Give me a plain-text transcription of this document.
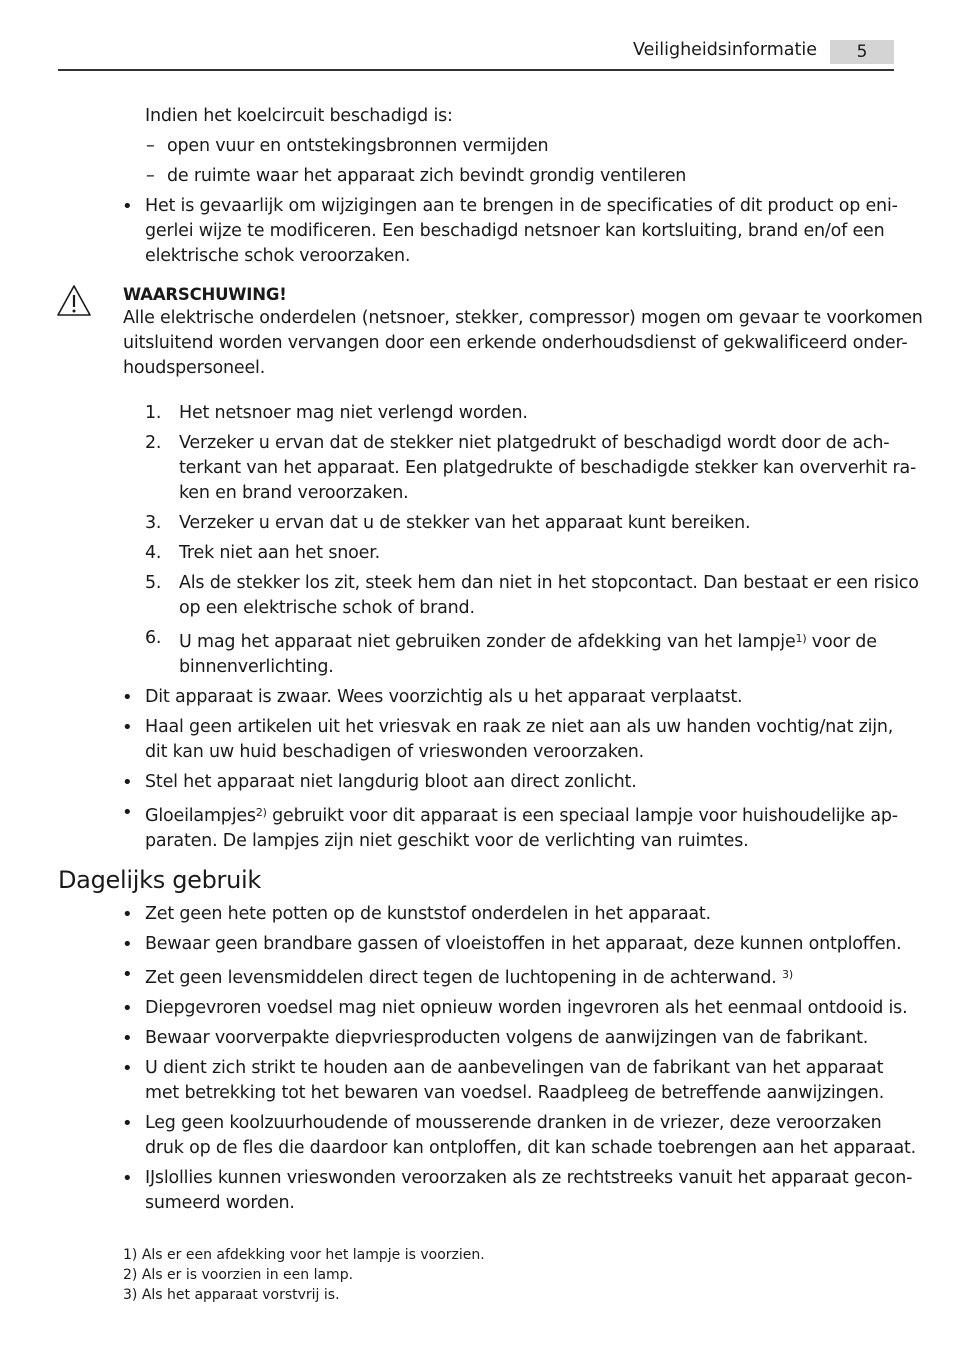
Veiligheidsinformatie	5
Indien het koelcircuit beschadigd is:
– open vuur en ontstekingsbronnen vermijden
– de ruimte waar het apparaat zich bevindt grondig ventileren
• Het is gevaarlijk om wijzigingen aan te brengen in de specificaties of dit product op eni-
gerlei wijze te modificeren. Een beschadigd netsnoer kan kortsluiting, brand en/of een
elektrische schok veroorzaken.
WAARSCHUWING!
Alle elektrische onderdelen (netsnoer, stekker, compressor) mogen om gevaar te voorkomen
uitsluitend worden vervangen door een erkende onderhoudsdienst of gekwalificeerd onder-
houdspersoneel.
1. Het netsnoer mag niet verlengd worden.
2. Verzeker u ervan dat de stekker niet platgedrukt of beschadigd wordt door de ach-
terkant van het apparaat. Een platgedrukte of beschadigde stekker kan oververhit ra-
ken en brand veroorzaken.
3. Verzeker u ervan dat u de stekker van het apparaat kunt bereiken.
4. Trek niet aan het snoer.
5. Als de stekker los zit, steek hem dan niet in het stopcontact. Dan bestaat er een risico
op een elektrische schok of brand.
6. U mag het apparaat niet gebruiken zonder de afdekking van het lampje$^{1)}$ voor de
binnenverlichting.
• Dit apparaat is zwaar. Wees voorzichtig als u het apparaat verplaatst.
• Haal geen artikelen uit het vriesvak en raak ze niet aan als uw handen vochtig/nat zijn,
dit kan uw huid beschadigen of vrieswonden veroorzaken.
• Stel het apparaat niet langdurig bloot aan direct zonlicht.
• Gloeilampjes$^{2)}$ gebruikt voor dit apparaat is een speciaal lampje voor huishoudelijke ap-
paraten. De lampjes zijn niet geschikt voor de verlichting van ruimtes.
Dagelijks gebruik
• Zet geen hete potten op de kunststof onderdelen in het apparaat.
• Bewaar geen brandbare gassen of vloeistoffen in het apparaat, deze kunnen ontploffen.
• Zet geen levensmiddelen direct tegen de luchtopening in de achterwand. $^{3)}$
• Diepgevroren voedsel mag niet opnieuw worden ingevroren als het eenmaal ontdooid is.
• Bewaar voorverpakte diepvriesproducten volgens de aanwijzingen van de fabrikant.
• U dient zich strikt te houden aan de aanbevelingen van de fabrikant van het apparaat
met betrekking tot het bewaren van voedsel. Raadpleeg de betreffende aanwijzingen.
• Leg geen koolzuurhoudende of mousserende dranken in de vriezer, deze veroorzaken
druk op de fles die daardoor kan ontploffen, dit kan schade toebrengen aan het apparaat.
• IJslollies kunnen vrieswonden veroorzaken als ze rechtstreeks vanuit het apparaat gecon-
sumeerd worden.
1) Als er een afdekking voor het lampje is voorzien.
2) Als er is voorzien in een lamp.
3) Als het apparaat vorstvrij is.
